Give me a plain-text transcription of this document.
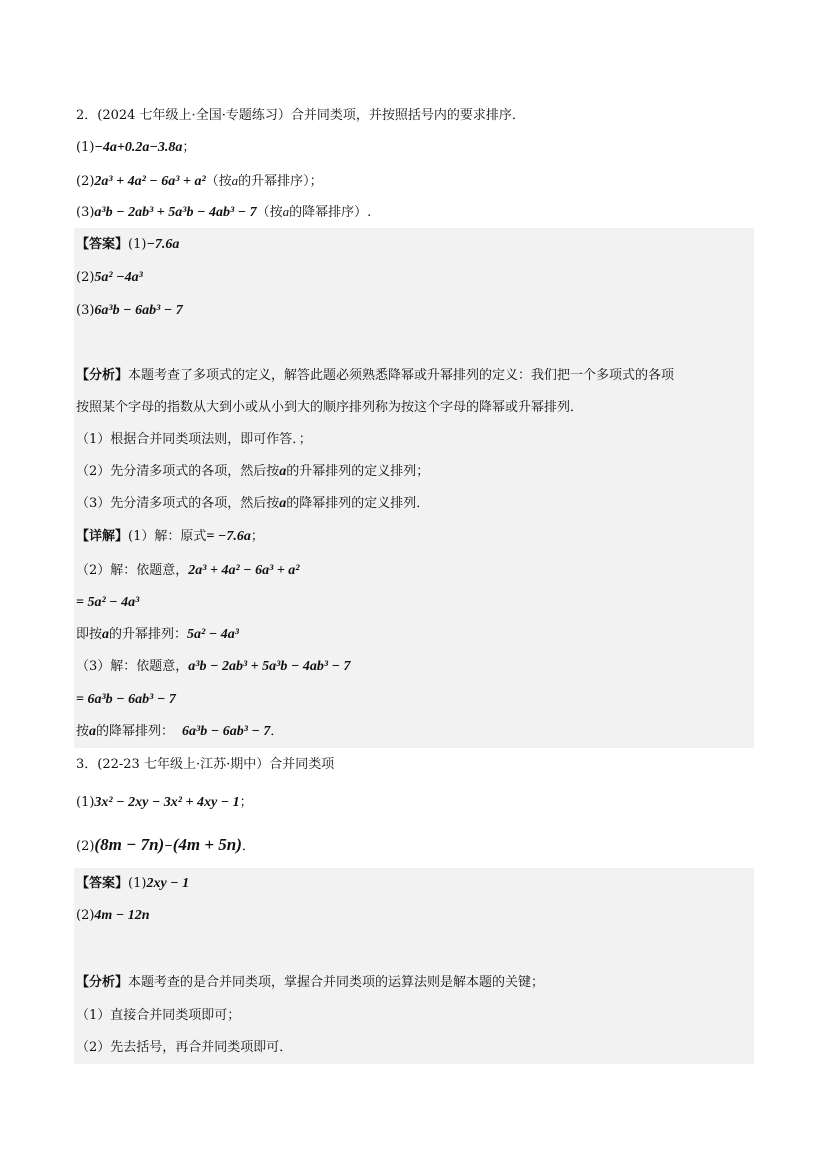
2．(2024 七年级上·全国·专题练习）合并同类项，并按照括号内的要求排序．
(1)−4a+0.2a−3.8a；
(2)2a³ + 4a² − 6a³ + a²（按a的升幂排序）；
(3)a³b − 2ab³ + 5a³b − 4ab³ − 7（按a的降幂排序）.
【答案】(1)−7.6a
(2)5a² −4a³
(3)6a³b − 6ab³ − 7
【分析】本题考查了多项式的定义，解答此题必须熟悉降幂或升幂排列的定义：我们把一个多项式的各项
按照某个字母的指数从大到小或从小到大的顺序排列称为按这个字母的降幂或升幂排列．
（1）根据合并同类项法则，即可作答．；
（2）先分清多项式的各项，然后按a的升幂排列的定义排列；
（3）先分清多项式的各项，然后按a的降幂排列的定义排列．
【详解】(1）解：原式= −7.6a；
（2）解：依题意，2a³ + 4a² − 6a³ + a²
= 5a² − 4a³
即按a的升幂排列：5a² − 4a³
（3）解：依题意，a³b − 2ab³ + 5a³b − 4ab³ − 7
= 6a³b − 6ab³ − 7
按a的降幂排列： 6a³b − 6ab³ − 7．
3．(22-23 七年级上·江苏·期中）合并同类项
(1)3x² − 2xy − 3x² + 4xy − 1；
(2)(8m − 7n)−(4m + 5n)．
【答案】(1)2xy − 1
(2)4m − 12n
【分析】本题考查的是合并同类项，掌握合并同类项的运算法则是解本题的关键；
（1）直接合并同类项即可；
（2）先去括号，再合并同类项即可．
